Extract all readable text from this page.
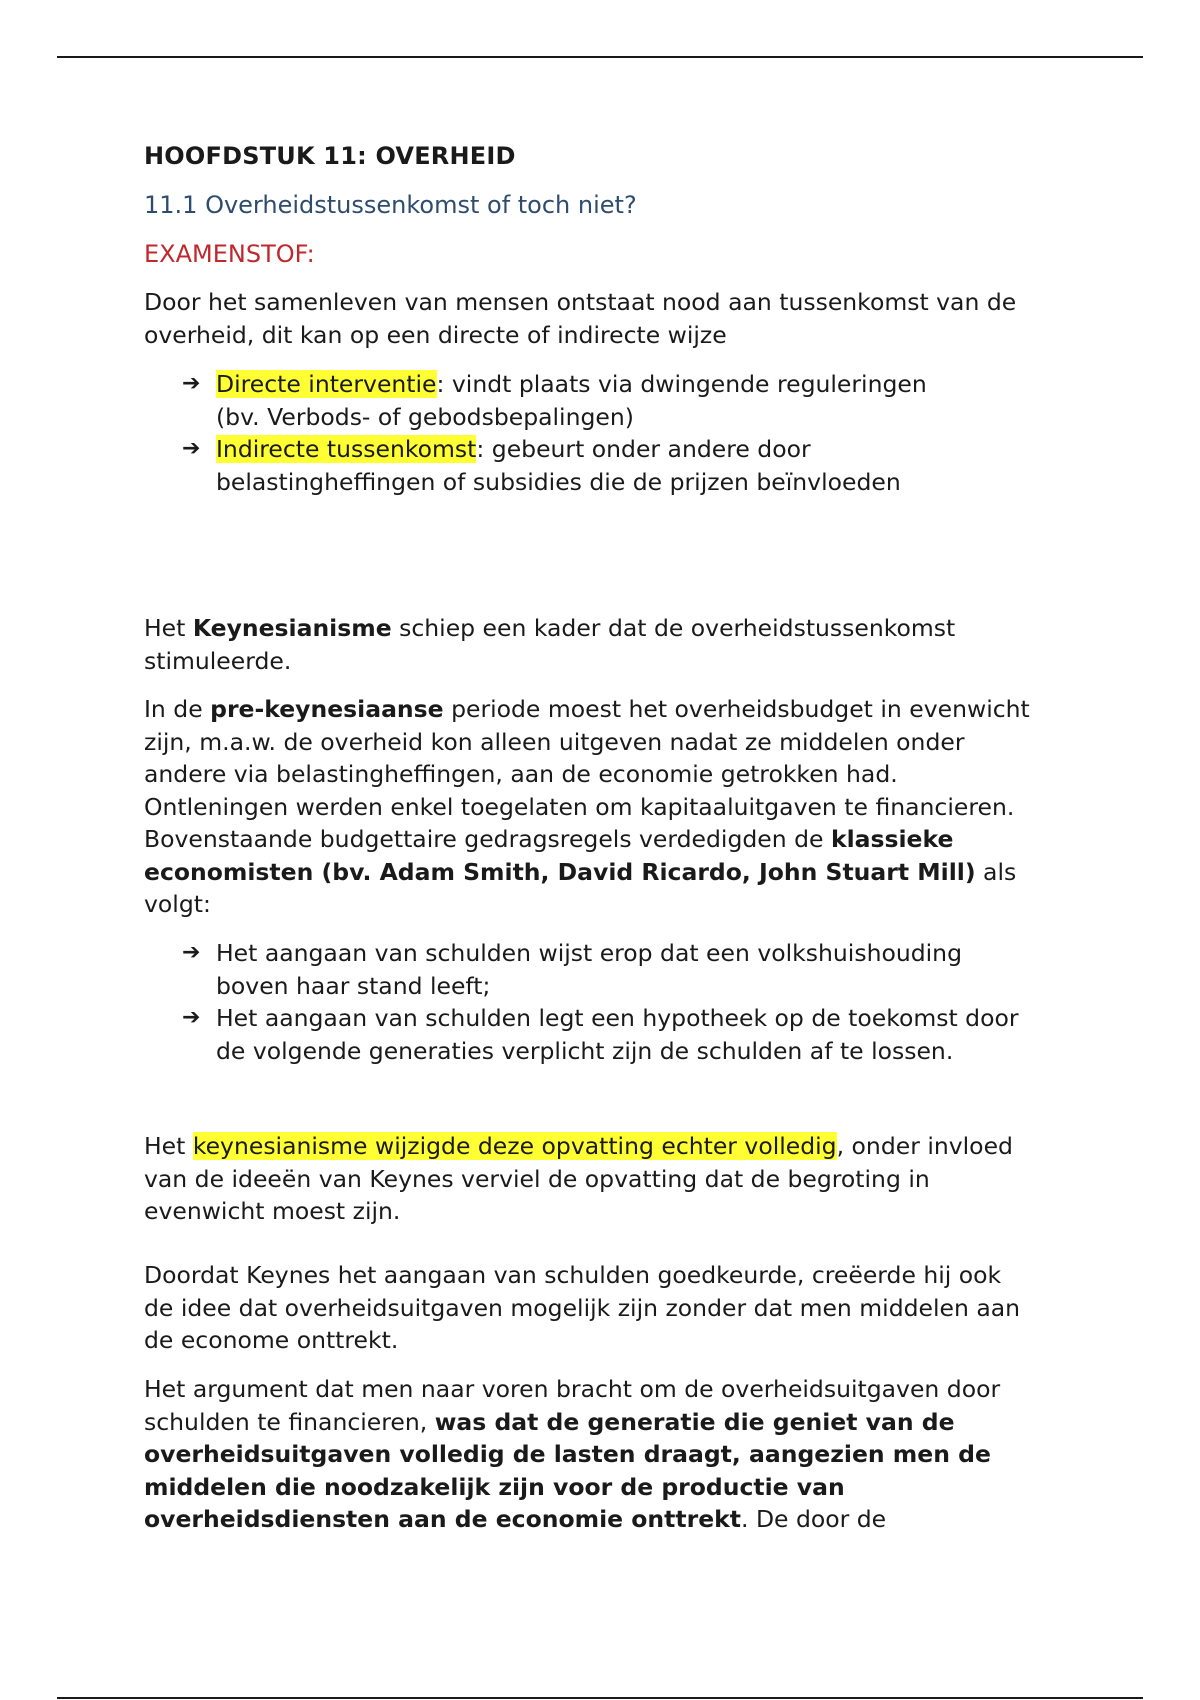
HOOFDSTUK 11: OVERHEID
11.1 Overheidstussenkomst of toch niet?
EXAMENSTOF:

Door het samenleven van mensen ontstaat nood aan tussenkomst van de

overheid, dit kan op een directe of indirecte wijze

➔ Directe interventie: vindt plaats via dwingende reguleringen
(bv. Verbods- of gebodsbepalingen)
➔ Indirecte tussenkomst: gebeurt onder andere door
belastingheffingen of subsidies die de prijzen beïnvloeden

Het Keynesianisme schiep een kader dat de overheidstussenkomst

stimuleerde.

In de pre-keynesiaanse periode moest het overheidsbudget in evenwicht

zijn, m.a.w. de overheid kon alleen uitgeven nadat ze middelen onder

andere via belastingheffingen, aan de economie getrokken had.

Ontleningen werden enkel toegelaten om kapitaaluitgaven te financieren.

Bovenstaande budgettaire gedragsregels verdedigden de klassieke

economisten (bv. Adam Smith, David Ricardo, John Stuart Mill) als

volgt:

➔ Het aangaan van schulden wijst erop dat een volkshuishouding
boven haar stand leeft;
➔ Het aangaan van schulden legt een hypotheek op de toekomst door
de volgende generaties verplicht zijn de schulden af te lossen.

Het keynesianisme wijzigde deze opvatting echter volledig, onder invloed

van de ideeën van Keynes verviel de opvatting dat de begroting in

evenwicht moest zijn.

Doordat Keynes het aangaan van schulden goedkeurde, creëerde hij ook

de idee dat overheidsuitgaven mogelijk zijn zonder dat men middelen aan

de econome onttrekt.

Het argument dat men naar voren bracht om de overheidsuitgaven door

schulden te financieren, was dat de generatie die geniet van de

overheidsuitgaven volledig de lasten draagt, aangezien men de

middelen die noodzakelijk zijn voor de productie van

overheidsdiensten aan de economie onttrekt. De door de
